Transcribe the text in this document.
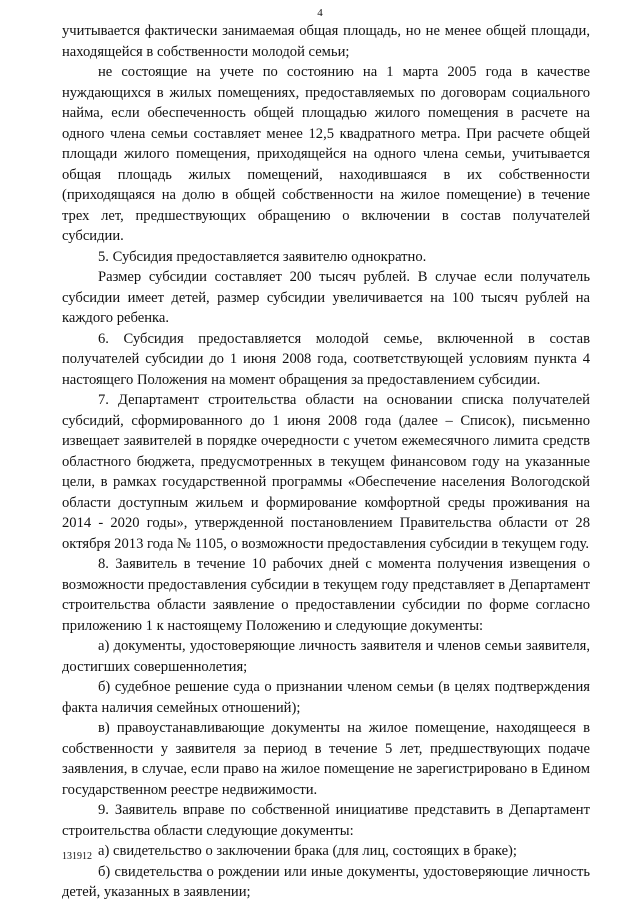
4

учитывается фактически занимаемая общая площадь, но не менее общей площади, находящейся в собственности молодой семьи;

не состоящие на учете по состоянию на 1 марта 2005 года в качестве нуждающихся в жилых помещениях, предоставляемых по договорам социального найма, если обеспеченность общей площадью жилого помещения в расчете на одного члена семьи составляет менее 12,5 квадратного метра. При расчете общей площади жилого помещения, приходящейся на одного члена семьи, учитывается общая площадь жилых помещений, находившаяся в их собственности (приходящаяся на долю в общей собственности на жилое помещение) в течение трех лет, предшествующих обращению о включении в состав получателей субсидии.

5. Субсидия предоставляется заявителю однократно.

Размер субсидии составляет 200 тысяч рублей. В случае если получатель субсидии имеет детей, размер субсидии увеличивается на 100 тысяч рублей на каждого ребенка.

6. Субсидия предоставляется молодой семье, включенной в состав получателей субсидии до 1 июня 2008 года, соответствующей условиям пункта 4 настоящего Положения на момент обращения за предоставлением субсидии.

7. Департамент строительства области на основании списка получателей субсидий, сформированного до 1 июня 2008 года (далее – Список), письменно извещает заявителей в порядке очередности с учетом ежемесячного лимита средств областного бюджета, предусмотренных в текущем финансовом году на указанные цели, в рамках государственной программы «Обеспечение населения Вологодской области доступным жильем и формирование комфортной среды проживания на 2014 - 2020 годы», утвержденной постановлением Правительства области от 28 октября 2013 года № 1105, о возможности предоставления субсидии в текущем году.

8. Заявитель в течение 10 рабочих дней с момента получения извещения о возможности предоставления субсидии в текущем году представляет в Департамент строительства области заявление о предоставлении субсидии по форме согласно приложению 1 к настоящему Положению и следующие документы:

а) документы, удостоверяющие личность заявителя и членов семьи заявителя, достигших совершеннолетия;

б) судебное решение суда о признании членом семьи (в целях подтверждения факта наличия семейных отношений);

в) правоустанавливающие документы на жилое помещение, находящееся в собственности у заявителя за период в течение 5 лет, предшествующих подаче заявления, в случае, если право на жилое помещение не зарегистрировано в Едином государственном реестре недвижимости.

9. Заявитель вправе по собственной инициативе представить в Департамент строительства области следующие документы:

а) свидетельство о заключении брака (для лиц, состоящих в браке);

б) свидетельства о рождении или иные документы, удостоверяющие личность детей, указанных в заявлении;

131912
